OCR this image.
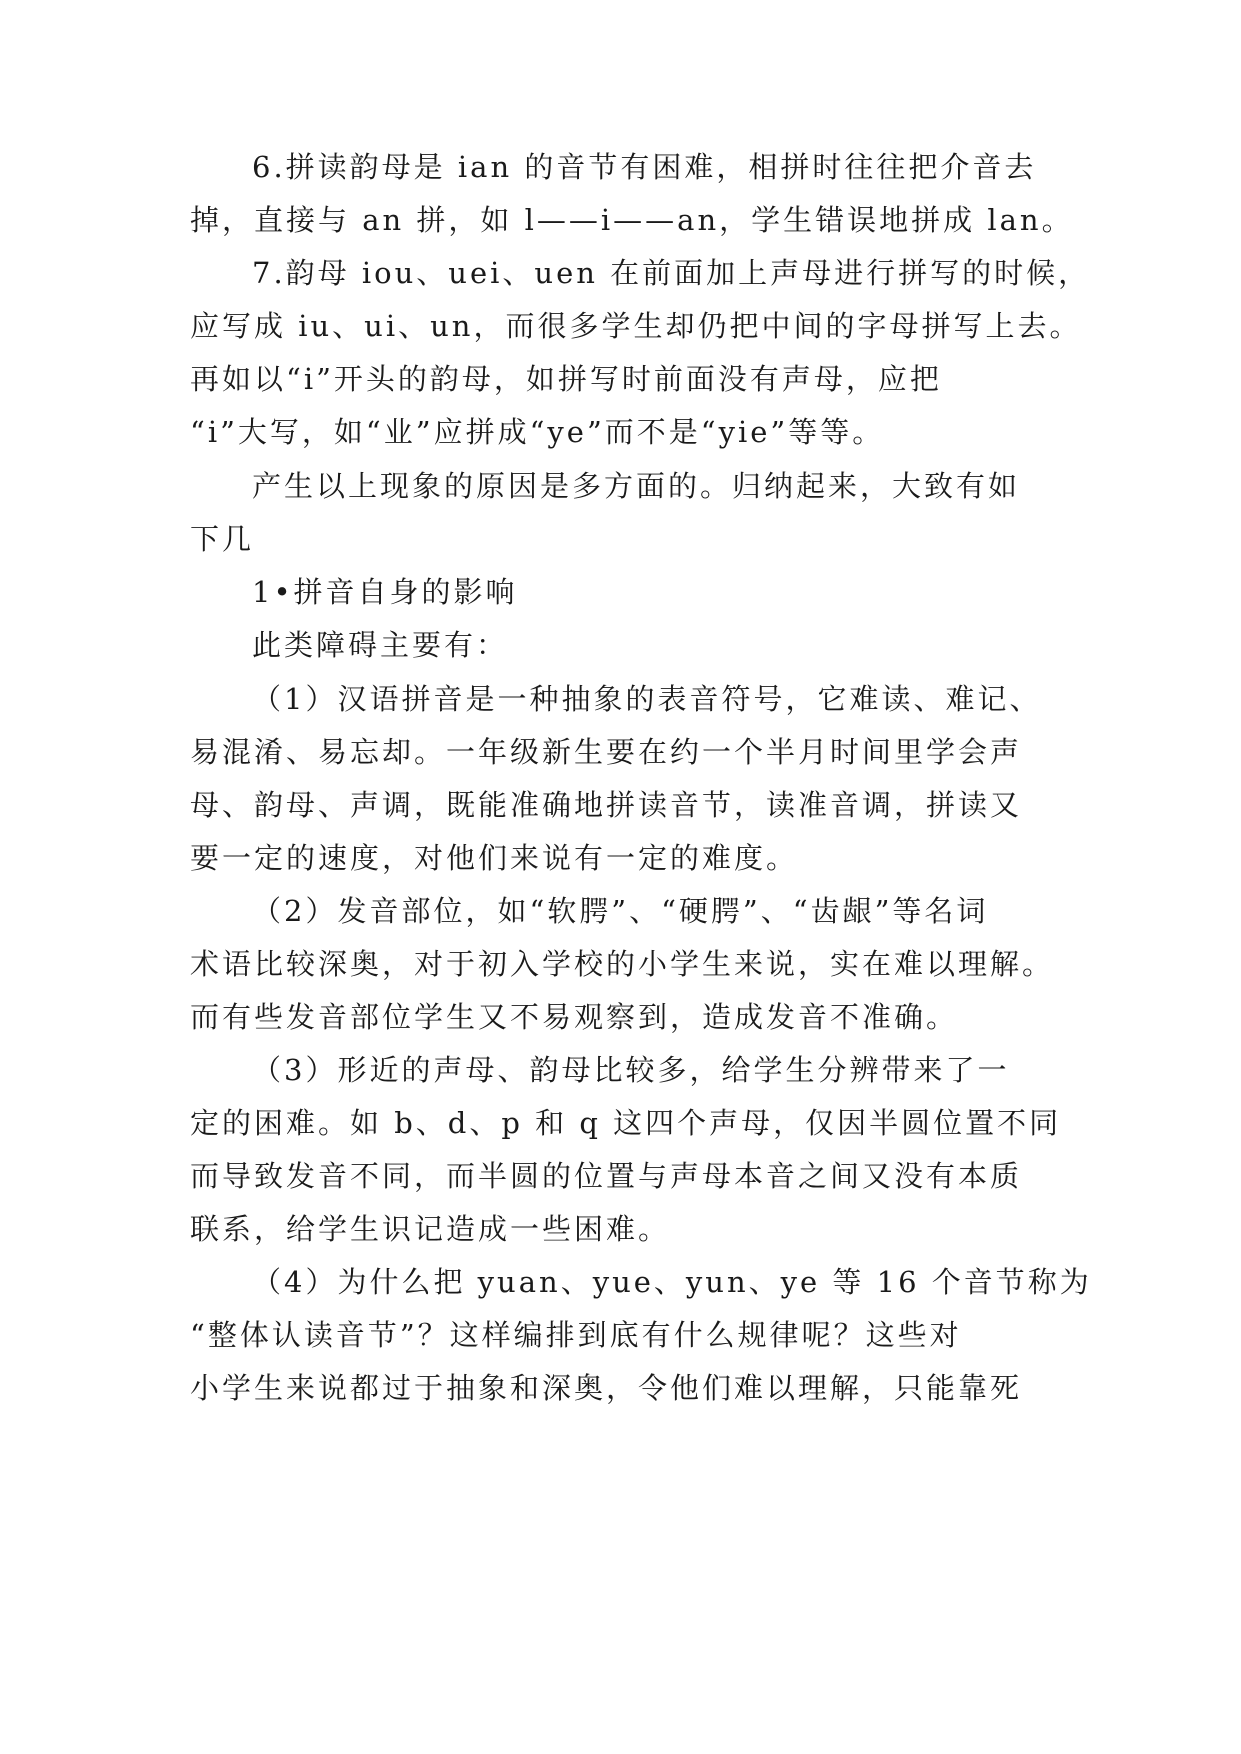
6.拼读韵母是 ian 的音节有困难，相拼时往往把介音去
掉，直接与 an 拼，如 l——i——an，学生错误地拼成 lan。
7.韵母 iou、uei、uen 在前面加上声母进行拼写的时候，
应写成 iu、ui、un，而很多学生却仍把中间的字母拼写上去。
再如以“i”开头的韵母，如拼写时前面没有声母，应把
“i”大写，如“业”应拼成“ye”而不是“yie”等等。
产生以上现象的原因是多方面的。归纳起来，大致有如
下几
1•拼音自身的影响
此类障碍主要有：
（1）汉语拼音是一种抽象的表音符号，它难读、难记、
易混淆、易忘却。一年级新生要在约一个半月时间里学会声
母、韵母、声调，既能准确地拼读音节，读准音调，拼读又
要一定的速度，对他们来说有一定的难度。
（2）发音部位，如“软腭”、“硬腭”、“齿龈”等名词
术语比较深奥，对于初入学校的小学生来说，实在难以理解。
而有些发音部位学生又不易观察到，造成发音不准确。
（3）形近的声母、韵母比较多，给学生分辨带来了一
定的困难。如 b、d、p 和 q 这四个声母，仅因半圆位置不同
而导致发音不同，而半圆的位置与声母本音之间又没有本质
联系，给学生识记造成一些困难。
（4）为什么把 yuan、yue、yun、ye 等 16 个音节称为
“整体认读音节”？这样编排到底有什么规律呢？这些对
小学生来说都过于抽象和深奥，令他们难以理解，只能靠死
